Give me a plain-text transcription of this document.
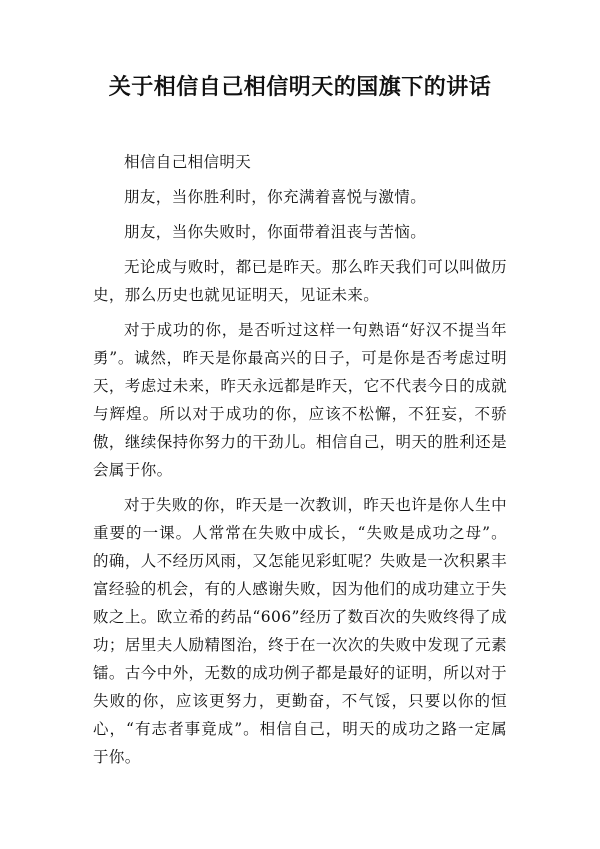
关于相信自己相信明天的国旗下的讲话

相信自己相信明天

朋友，当你胜利时，你充满着喜悦与激情。

朋友，当你失败时，你面带着沮丧与苦恼。

无论成与败时，都已是昨天。那么昨天我们可以叫做历史，那么历史也就见证明天，见证未来。

对于成功的你，是否听过这样一句熟语“好汉不提当年勇”。诚然，昨天是你最高兴的日子，可是你是否考虑过明天，考虑过未来，昨天永远都是昨天，它不代表今日的成就与辉煌。所以对于成功的你，应该不松懈，不狂妄，不骄傲，继续保持你努力的干劲儿。相信自己，明天的胜利还是会属于你。

对于失败的你，昨天是一次教训，昨天也许是你人生中重要的一课。人常常在失败中成长，“失败是成功之母”。的确，人不经历风雨，又怎能见彩虹呢？失败是一次积累丰富经验的机会，有的人感谢失败，因为他们的成功建立于失败之上。欧立希的药品“606”经历了数百次的失败终得了成功；居里夫人励精图治，终于在一次次的失败中发现了元素镭。古今中外，无数的成功例子都是最好的证明，所以对于失败的你，应该更努力，更勤奋，不气馁，只要以你的恒心，“有志者事竟成”。相信自己，明天的成功之路一定属于你。
